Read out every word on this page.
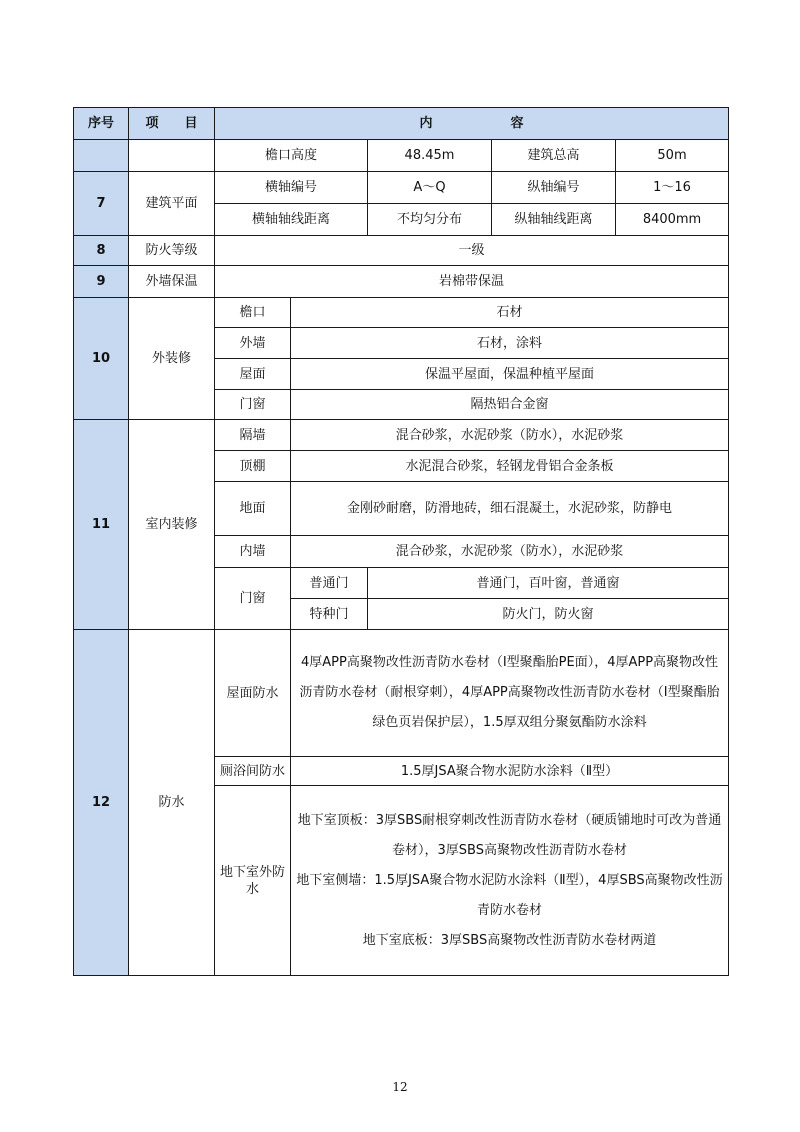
序号	项　　目	内　　　　　　容				
		檐口高度		48.45m	建筑总高	50m
7	建筑平面	横轴编号		A～Q	纵轴编号	1～16
		横轴轴线距离		不均匀分布	纵轴轴线距离	8400mm
8	防火等级	一级				
9	外墙保温	岩棉带保温				
10	外装修	檐口	石材			
		外墙	石材，涂料			
		屋面	保温平屋面，保温种植平屋面			
		门窗	隔热铝合金窗			
11	室内装修	隔墙	混合砂浆，水泥砂浆（防水），水泥砂浆			
		顶棚	水泥混合砂浆，轻钢龙骨铝合金条板			
		地面	金刚砂耐磨，防滑地砖，细石混凝土，水泥砂浆，防静电			
		内墙	混合砂浆，水泥砂浆（防水），水泥砂浆			
		门窗	普通门	普通门，百叶窗，普通窗		
			特种门	防火门，防火窗		
12	防水	屋面防水	4厚APP高聚物改性沥青防水卷材（Ⅰ型聚酯胎PE面），4厚APP高聚物改性沥青防水卷材（耐根穿刺），4厚APP高聚物改性沥青防水卷材（Ⅰ型聚酯胎绿色页岩保护层），1.5厚双组分聚氨酯防水涂料			
		厕浴间防水	1.5厚JSA聚合物水泥防水涂料（Ⅱ型）			
		地下室外防水	地下室顶板：3厚SBS耐根穿刺改性沥青防水卷材（硬质铺地时可改为普通卷材），3厚SBS高聚物改性沥青防水卷材
地下室侧墙：1.5厚JSA聚合物水泥防水涂料（Ⅱ型），4厚SBS高聚物改性沥青防水卷材
地下室底板：3厚SBS高聚物改性沥青防水卷材两道			
12
